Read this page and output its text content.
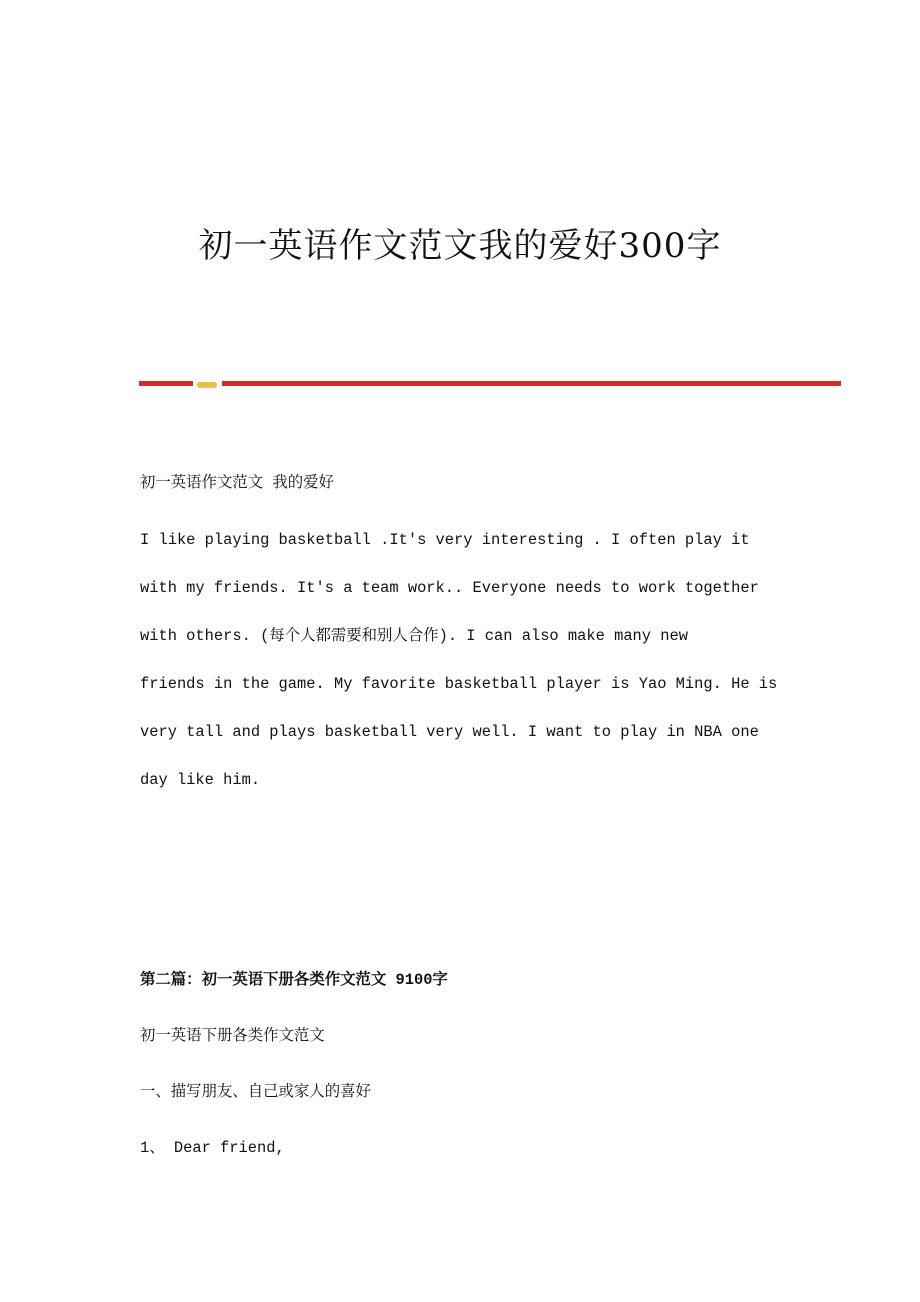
初一英语作文范文我的爱好300字
初一英语作文范文 我的爱好
I like playing basketball .It's very interesting . I often play it
with my friends. It's a team work.. Everyone needs to work together
with others. (每个人都需要和别人合作). I can also make many new
friends in the game. My favorite basketball player is Yao Ming. He is
very tall and plays basketball very well. I want to play in NBA one
day like him.
第二篇：初一英语下册各类作文范文 9100字
初一英语下册各类作文范文
一、描写朋友、自己或家人的喜好
1、 Dear friend,
